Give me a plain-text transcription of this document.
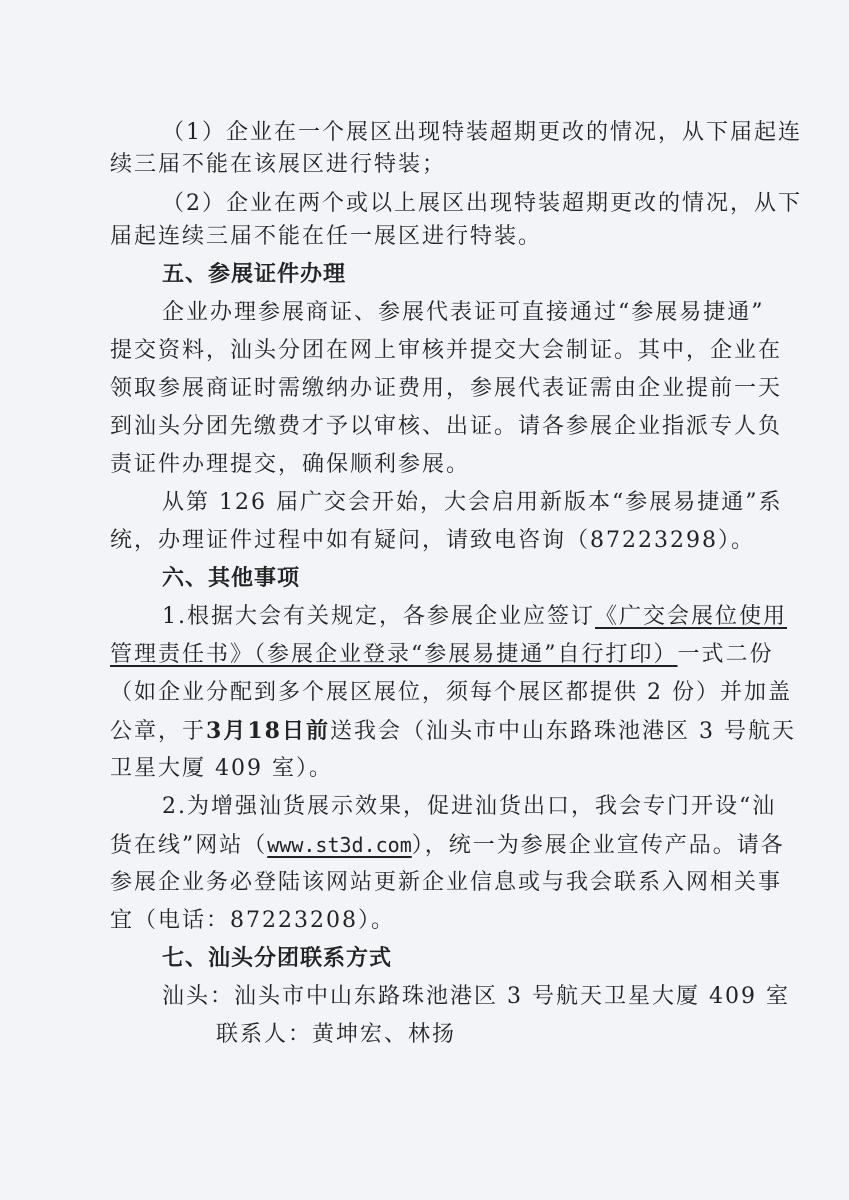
（1）企业在一个展区出现特装超期更改的情况，从下届起连
续三届不能在该展区进行特装；
（2）企业在两个或以上展区出现特装超期更改的情况，从下
届起连续三届不能在任一展区进行特装。
五、参展证件办理
企业办理参展商证、参展代表证可直接通过“参展易捷通”
提交资料，汕头分团在网上审核并提交大会制证。其中，企业在
领取参展商证时需缴纳办证费用，参展代表证需由企业提前一天
到汕头分团先缴费才予以审核、出证。请各参展企业指派专人负
责证件办理提交，确保顺利参展。
从第 126 届广交会开始，大会启用新版本“参展易捷通”系
统，办理证件过程中如有疑问，请致电咨询（87223298）。
六、其他事项
1.根据大会有关规定，各参展企业应签订《广交会展位使用
管理责任书》（参展企业登录“参展易捷通”自行打印）一式二份
（如企业分配到多个展区展位，须每个展区都提供 2 份）并加盖
公章，于3月18日前送我会（汕头市中山东路珠池港区 3 号航天
卫星大厦 409 室）。
2.为增强汕货展示效果，促进汕货出口，我会专门开设“汕
货在线”网站（www.st3d.com），统一为参展企业宣传产品。请各
参展企业务必登陆该网站更新企业信息或与我会联系入网相关事
宜（电话：87223208）。
七、汕头分团联系方式
汕头：汕头市中山东路珠池港区 3 号航天卫星大厦 409 室
联系人：黄坤宏、林扬
